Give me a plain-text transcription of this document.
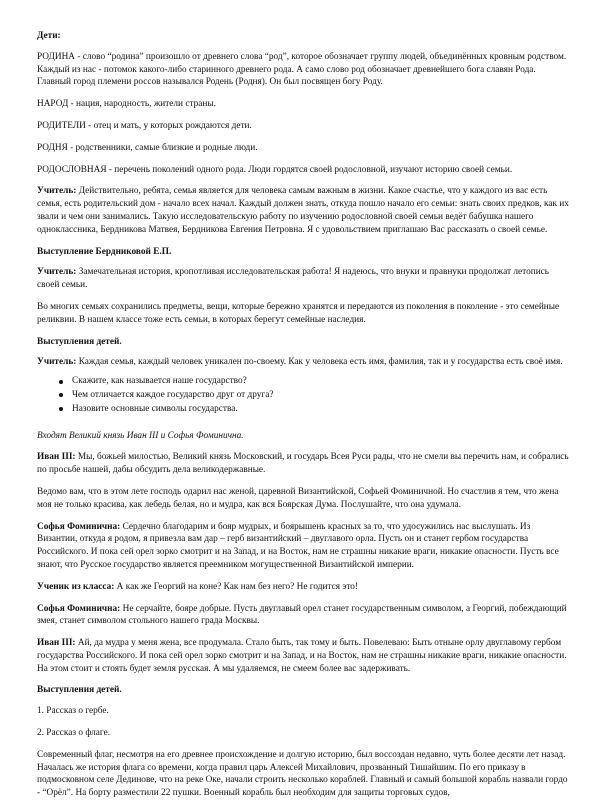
Дети:

РОДИНА - слово “родина” произошло от древнего слова “род”, которое обозначает группу людей, объединённых кровным родством. Каждый из нас - потомок какого-либо старинного древнего рода. А само слово род обозначает древнейшего бога славян Рода. Главный город племени россов назывался Родень (Родня). Он был посвящен богу Роду.

НАРОД - нация, народность, жители страны.

РОДИТЕЛИ - отец и мать, у которых рождаются дети.

РОДНЯ - родственники, самые близкие и родные люди.

РОДОСЛОВНАЯ - перечень поколений одного рода. Люди гордятся своей родословной, изучают историю своей семьи.

Учитель: Действительно, ребята, семья является для человека самым важным в жизни. Какое счастье, что у каждого из вас есть семья, есть родительский дом - начало всех начал. Каждый должен знать, откуда пошло начало его семьи: знать своих предков, как их звали и чем они занимались. Такую исследовательскую работу по изучению родословной своей семьи ведёт бабушка нашего одноклассника, Бердникова Матвея, Бердникова Евгения Петровна. Я с удовольствием приглашаю Вас рассказать о своей семье.

Выступление Бердниковой Е.П.

Учитель: Замечательная история, кропотливая исследовательская работа! Я надеюсь, что внуки и правнуки продолжат летопись своей семьи.

Во многих семьях сохранились предметы, вещи, которые бережно хранятся и передаются из поколения в поколение - это семейные реликвии. В нашем классе тоже есть семьи, в которых берегут семейные наследия.

Выступления детей.

Учитель: Каждая семья, каждый человек уникален по-своему. Как у человека есть имя, фамилия, так и у государства есть своё имя.

Скажите, как называется наше государство?
Чем отличается каждое государство друг от друга?
Назовите основные символы государства.

Входят Великий князь Иван III и Софья Фоминична.

Иван III: Мы, божьей милостью, Великий князь Московский, и государь Всея Руси рады, что не смели вы перечить нам, и собрались по просьбе нашей, дабы обсудить дела великодержавные.

Ведомо вам, что в этом лете господь одарил нас женой, царевной Византийской, Софьей Фоминичной. Но счастлив я тем, что жена моя не только красива, как лебедь белая, но и мудра, как вся Боярская Дума. Послушайте, что она удумала.

Софья Фоминична: Сердечно благодарим и бояр мудрых, и боярышень красных за то, что удосужились нас выслушать. Из Византии, откуда я родом, я привезла вам дар – герб византийский – двуглавого орла. Пусть он и станет гербом государства Российского. И пока сей орел зорко смотрит и на Запад, и на Восток, нам не страшны никакие враги, никакие опасности. Пусть все знают, что Русское государство является преемником могущественной Византийской империи.

Ученик из класса: А как же Георгий на коне? Как нам без него? Не годится это!

Софья Фоминична: Не серчайте, бояре добрые. Пусть двуглавый орел станет государственным символом, а Георгий, побеждающий змея, станет символом стольного нашего града Москвы.

Иван III: Ай, да мудра у меня жена, все продумала. Стало быть, так тому и быть. Повелеваю: Быть отныне орлу двуглавому гербом государства Российского. И пока сей орел зорко смотрит и на Запад, и на Восток, нам не страшны никакие враги, никакие опасности. На этом стоит и стоять будет земля русская. А мы удаляемся, не смеем более вас задерживать.

Выступления детей.

1. Рассказ о гербе.

2. Рассказ о флаге.

Современный флаг, несмотря на его древнее происхождение и долгую историю, был воссоздан недавно, чуть более десяти лет назад. Началась же история флага со времени, когда правил царь Алексей Михайлович, прозванный Тишайшим. По его приказу в подмосковном селе Дединове, что на реке Оке, начали строить несколько кораблей. Главный и самый большой корабль назвали гордо - “Орёл”. На борту разместили 22 пушки. Военный корабль был необходим для защиты торговых судов,
